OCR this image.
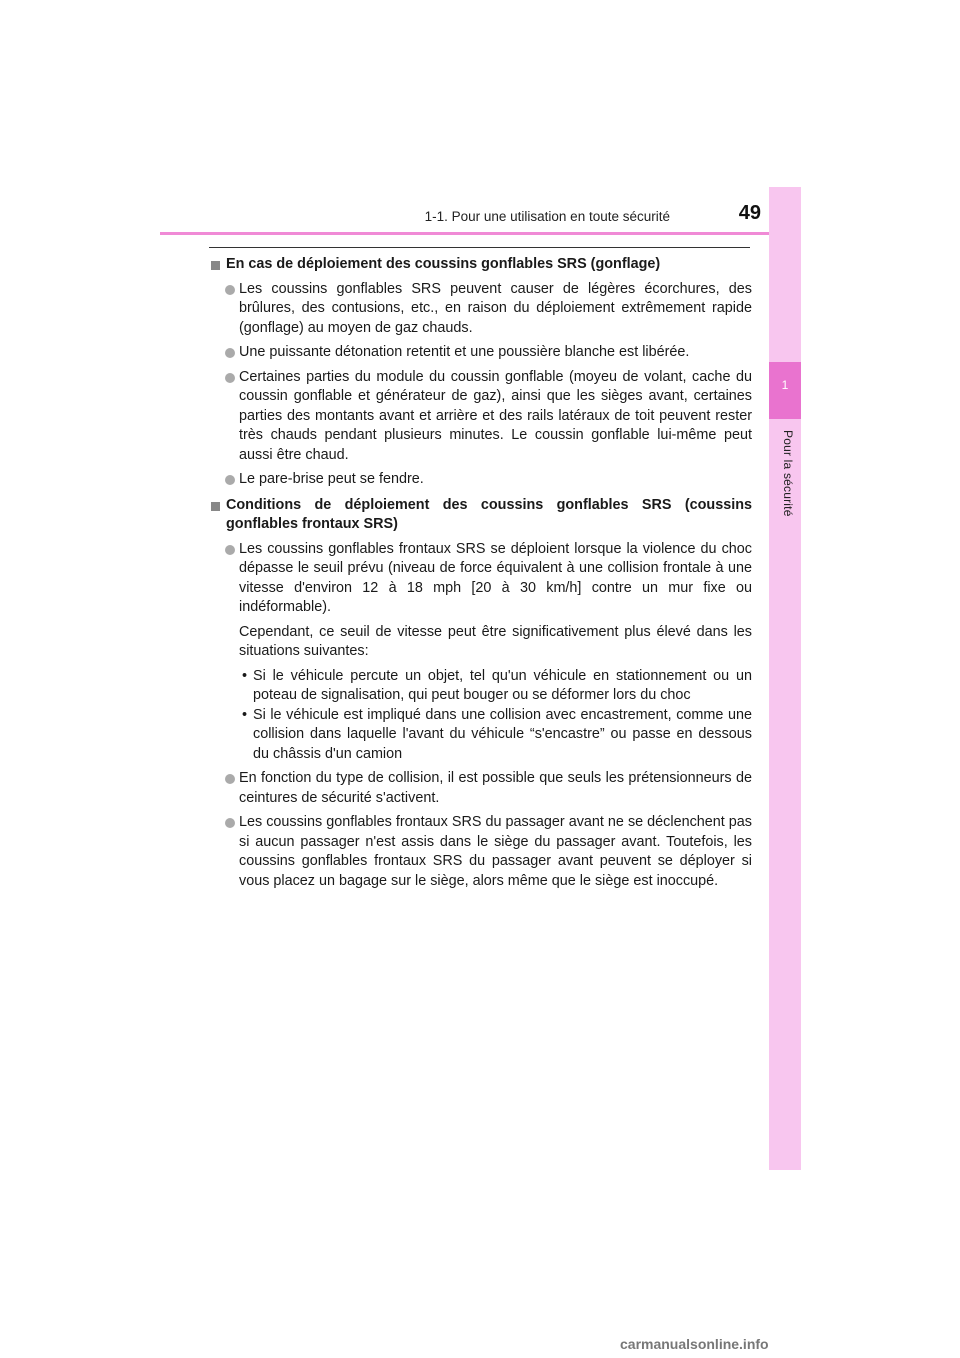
1-1. Pour une utilisation en toute sécurité	49
1
Pour la sécurité
En cas de déploiement des coussins gonflables SRS (gonflage)
Les coussins gonflables SRS peuvent causer de légères écorchures, des brûlures, des contusions, etc., en raison du déploiement extrêmement rapide (gonflage) au moyen de gaz chauds.
Une puissante détonation retentit et une poussière blanche est libérée.
Certaines parties du module du coussin gonflable (moyeu de volant, cache du coussin gonflable et générateur de gaz), ainsi que les sièges avant, certaines parties des montants avant et arrière et des rails latéraux de toit peuvent rester très chauds pendant plusieurs minutes. Le coussin gonflable lui-même peut aussi être chaud.
Le pare-brise peut se fendre.
Conditions de déploiement des coussins gonflables SRS (coussins gonflables frontaux SRS)
Les coussins gonflables frontaux SRS se déploient lorsque la violence du choc dépasse le seuil prévu (niveau de force équivalent à une collision frontale à une vitesse d'environ 12 à 18 mph [20 à 30 km/h] contre un mur fixe ou indéformable).
Cependant, ce seuil de vitesse peut être significativement plus élevé dans les situations suivantes:
• Si le véhicule percute un objet, tel qu'un véhicule en stationnement ou un poteau de signalisation, qui peut bouger ou se déformer lors du choc
• Si le véhicule est impliqué dans une collision avec encastrement, comme une collision dans laquelle l'avant du véhicule “s'encastre” ou passe en dessous du châssis d'un camion
En fonction du type de collision, il est possible que seuls les prétensionneurs de ceintures de sécurité s'activent.
Les coussins gonflables frontaux SRS du passager avant ne se déclenchent pas si aucun passager n'est assis dans le siège du passager avant. Toutefois, les coussins gonflables frontaux SRS du passager avant peuvent se déployer si vous placez un bagage sur le siège, alors même que le siège est inoccupé.
carmanualsonline.info
